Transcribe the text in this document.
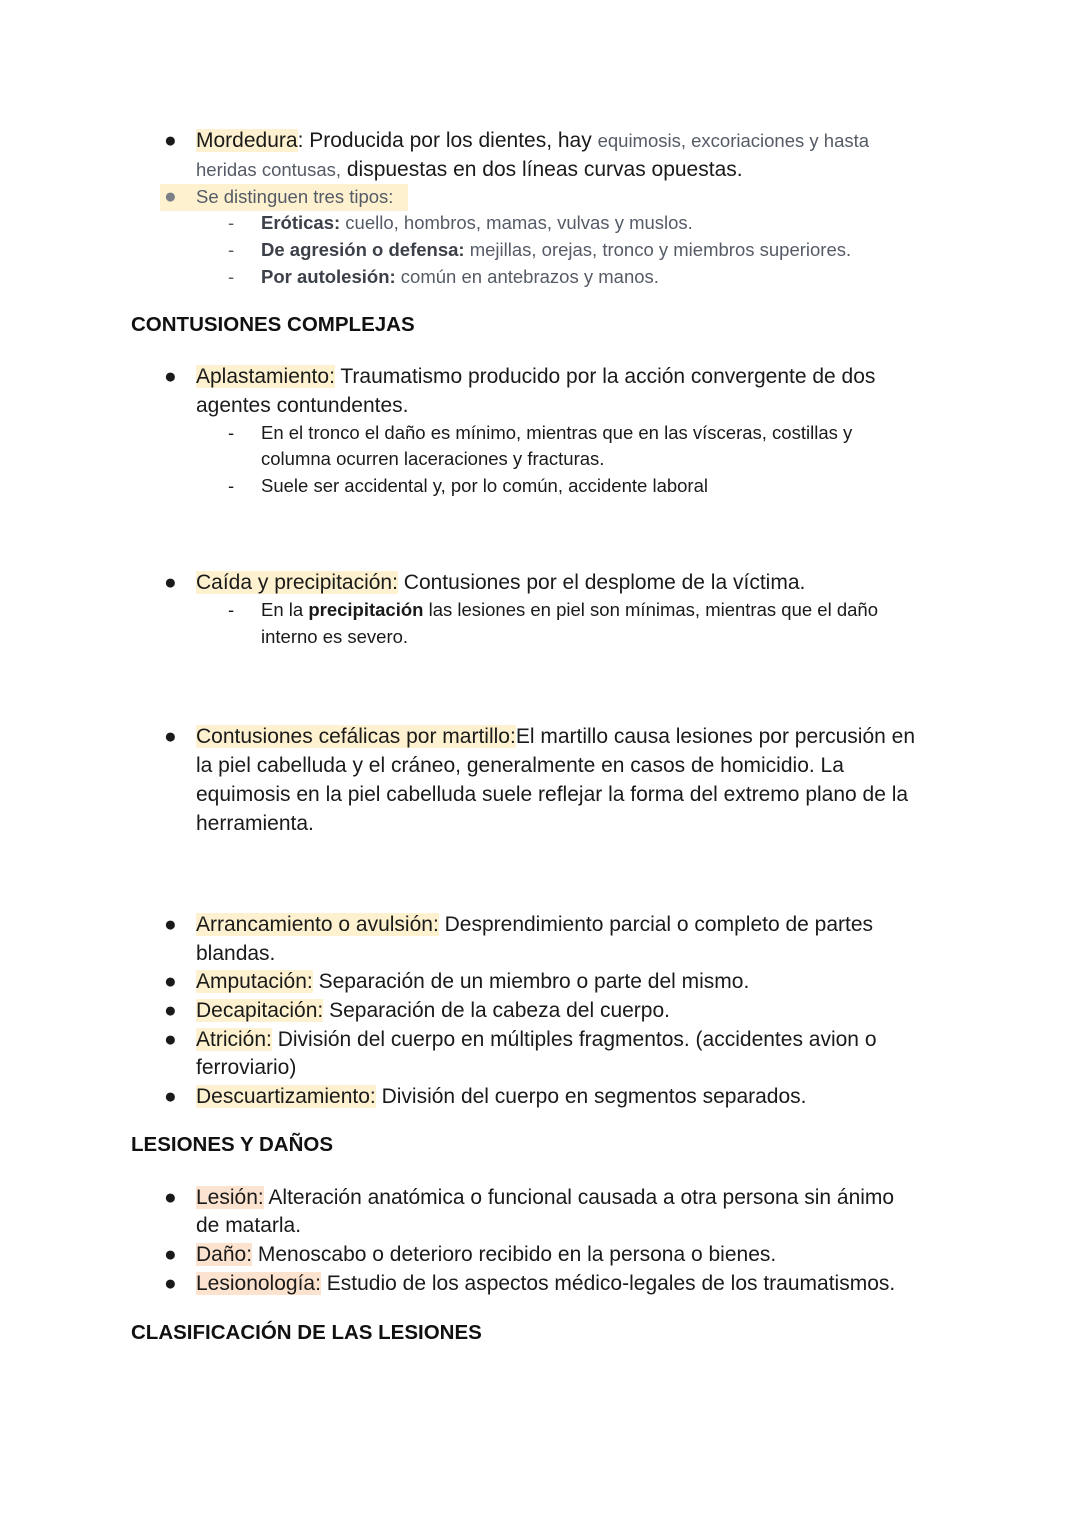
● Mordedura: Producida por los dientes, hay equimosis, excoriaciones y hasta
heridas contusas, dispuestas en dos líneas curvas opuestas.
● Se distinguen tres tipos:
- Eróticas: cuello, hombros, mamas, vulvas y muslos.
- De agresión o defensa: mejillas, orejas, tronco y miembros superiores.
- Por autolesión: común en antebrazos y manos.
CONTUSIONES COMPLEJAS
● Aplastamiento: Traumatismo producido por la acción convergente de dos
agentes contundentes.
- En el tronco el daño es mínimo, mientras que en las vísceras, costillas y
columna ocurren laceraciones y fracturas.
- Suele ser accidental y, por lo común, accidente laboral
● Caída y precipitación: Contusiones por el desplome de la víctima.
- En la precipitación las lesiones en piel son mínimas, mientras que el daño
interno es severo.
● Contusiones cefálicas por martillo:El martillo causa lesiones por percusión en
la piel cabelluda y el cráneo, generalmente en casos de homicidio. La
equimosis en la piel cabelluda suele reflejar la forma del extremo plano de la
herramienta.
● Arrancamiento o avulsión: Desprendimiento parcial o completo de partes
blandas.
● Amputación: Separación de un miembro o parte del mismo.
● Decapitación: Separación de la cabeza del cuerpo.
● Atrición: División del cuerpo en múltiples fragmentos. (accidentes avion o
ferroviario)
● Descuartizamiento: División del cuerpo en segmentos separados.
LESIONES Y DAÑOS
● Lesión: Alteración anatómica o funcional causada a otra persona sin ánimo
de matarla.
● Daño: Menoscabo o deterioro recibido en la persona o bienes.
● Lesionología: Estudio de los aspectos médico-legales de los traumatismos.
CLASIFICACIÓN DE LAS LESIONES
